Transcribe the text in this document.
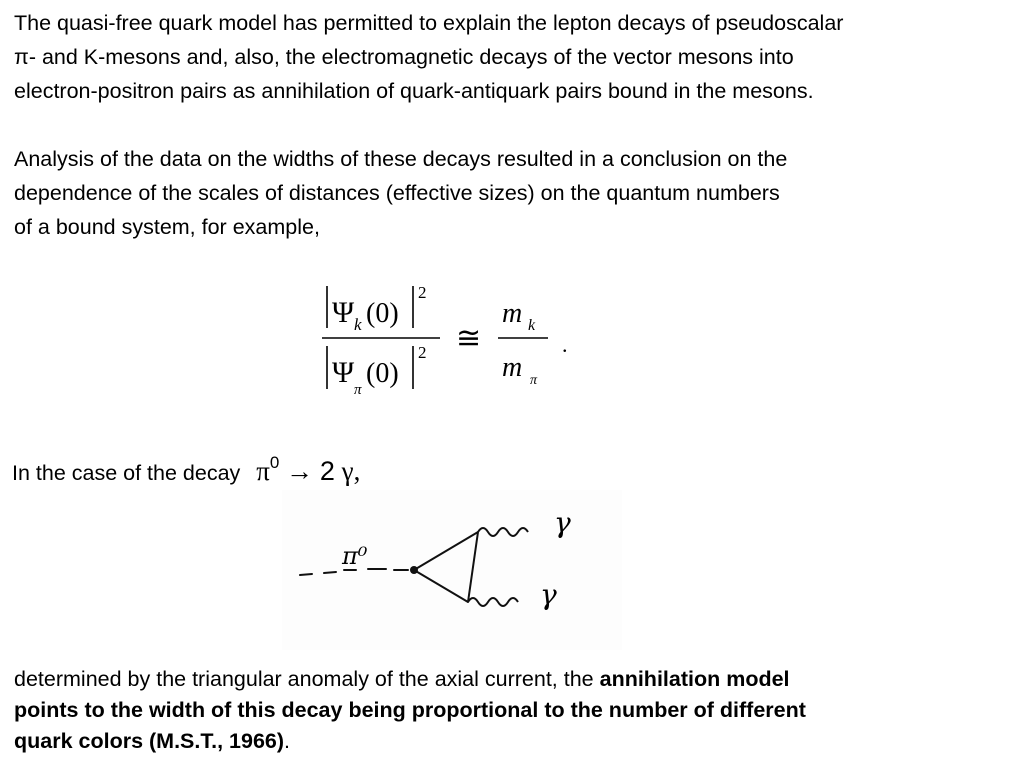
The quasi-free quark model has permitted to explain the lepton decays of pseudoscalar
π- and K-mesons and, also, the electromagnetic decays of the vector mesons into
electron-positron pairs as annihilation of quark-antiquark pairs bound in the mesons.
Analysis of the data on the widths of these decays resulted in a conclusion on the
dependence of the scales of distances (effective sizes) on the quantum numbers
of a bound system, for example,
Ψ k (0)
2
Ψ
π
(0)
2 ≅
m k
m π
.
In the case of the decay $\pi^0 \to 2$ γ,
π⁰
γ
γ
determined by the triangular anomaly of the axial current, the annihilation model
points to the width of this decay being proportional to the number of different
quark colors (M.S.T., 1966).
